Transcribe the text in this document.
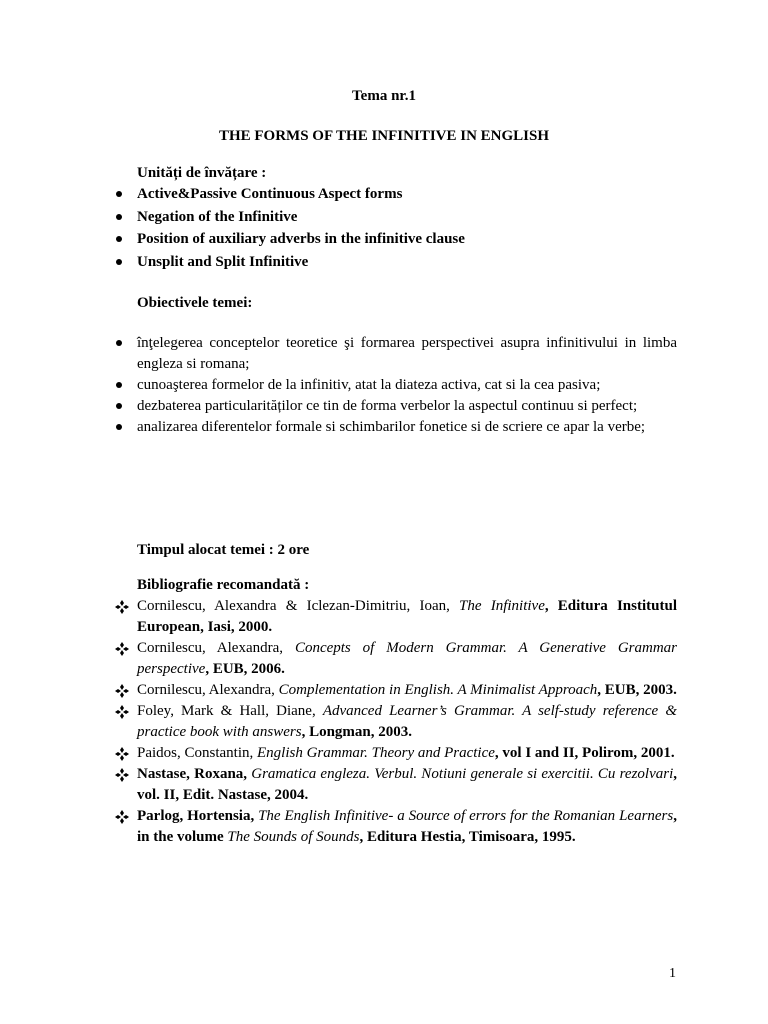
Tema nr.1

THE FORMS OF THE INFINITIVE IN ENGLISH

Unități de învățare :

Active&Passive Continuous Aspect forms
Negation of the Infinitive
Position of auxiliary adverbs in the infinitive clause
Unsplit and Split Infinitive

Obiectivele temei:

înţelegerea conceptelor teoretice şi formarea perspectivei asupra infinitivului in limba engleza si romana;
cunoaşterea formelor de la infinitiv, atat la diateza activa, cat si la cea pasiva;
dezbaterea particularităților ce tin de forma verbelor la aspectul continuu si perfect;
analizarea diferentelor formale si schimbarilor fonetice si de scriere ce apar la verbe;

Timpul alocat temei : 2 ore

Bibliografie recomandată :

Cornilescu, Alexandra & Iclezan-Dimitriu, Ioan, The Infinitive, Editura Institutul European, Iasi, 2000.
Cornilescu, Alexandra, Concepts of Modern Grammar. A Generative Grammar perspective, EUB, 2006.
Cornilescu, Alexandra, Complementation in English. A Minimalist Approach, EUB, 2003.
Foley, Mark & Hall, Diane, Advanced Learner’s Grammar. A self-study reference & practice book with answers, Longman, 2003.
Paidos, Constantin, English Grammar. Theory and Practice, vol I and II, Polirom, 2001.
Nastase, Roxana, Gramatica engleza. Verbul. Notiuni generale si exercitii. Cu rezolvari, vol. II, Edit. Nastase, 2004.
Parlog, Hortensia, The English Infinitive- a Source of errors for the Romanian Learners, in the volume The Sounds of Sounds, Editura Hestia, Timisoara, 1995.
1
